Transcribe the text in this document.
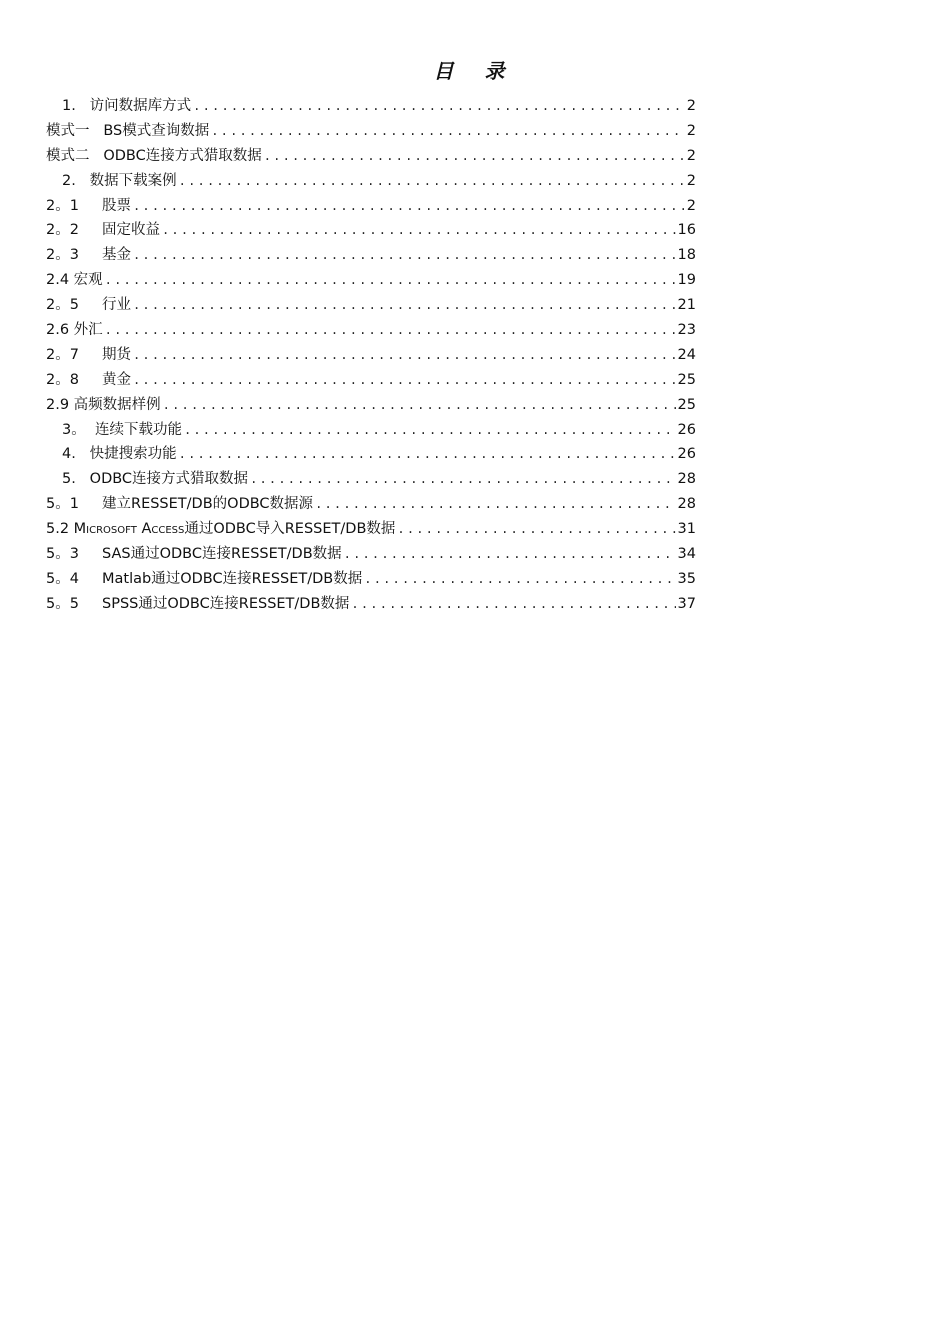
目 录
1.   访问数据库方式 .....	2
模式一   BS模式查询数据 .....	2
模式二   ODBC连接方式猎取数据 .....	2
2.   数据下载案例 .....	2
2。1     股票 .....	2
2。2     固定收益 .....	16
2。3     基金 .....	18
2.4 宏观 .....	19
2。5     行业 .....	21
2.6 外汇 .....	23
2。7     期货 .....	24
2。8     黄金 .....	25
2.9 高频数据样例 .....	25
3。  连续下载功能 .....	26
4.   快捷搜索功能 .....	26
5.   ODBC连接方式猎取数据 .....	28
5。1     建立RESSET/DB的ODBC数据源 .....	28
5.2 Microsoft Access通过ODBC导入RESSET/DB数据 .....	31
5。3     SAS通过ODBC连接RESSET/DB数据 .....	34
5。4     Matlab通过ODBC连接RESSET/DB数据 .....	35
5。5     SPSS通过ODBC连接RESSET/DB数据 .....	37
